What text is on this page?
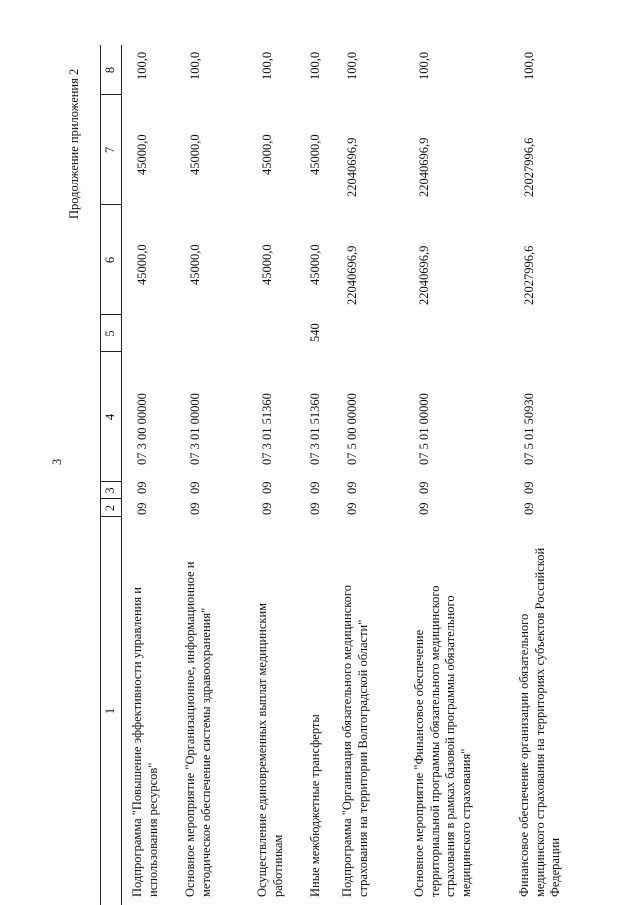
3
Продолжение приложения 2
1
2
3
4
5
6
7
8
Подпрограмма "Повышение эффективности управления и использования ресурсов"
09
09
07 3 00 00000
45000,0
45000,0
100,0
Основное мероприятие "Организационное, информационное и методическое обеспечение системы здравоохранения"
09
09
07 3 01 00000
45000,0
45000,0
100,0
Осуществление единовременных выплат медицинским работникам
09
09
07 3 01 51360
45000,0
45000,0
100,0
Иные межбюджетные трансферты
09
09
07 3 01 51360
540
45000,0
45000,0
100,0
Подпрограмма "Организация обязательного медицинского страхования на территории Волгоградской области"
09
09
07 5 00 00000
22040696,9
22040696,9
100,0
Основное мероприятие "Финансовое обеспечение территориальной программы обязательного медицинского страхования в рамках базовой программы обязательного медицинского страхования"
09
09
07 5 01 00000
22040696,9
22040696,9
100,0
Финансовое обеспечение организации обязательного медицинского страхования на территориях субъектов Российской Федерации
09
09
07 5 01 50930
22027996,6
22027996,6
100,0
